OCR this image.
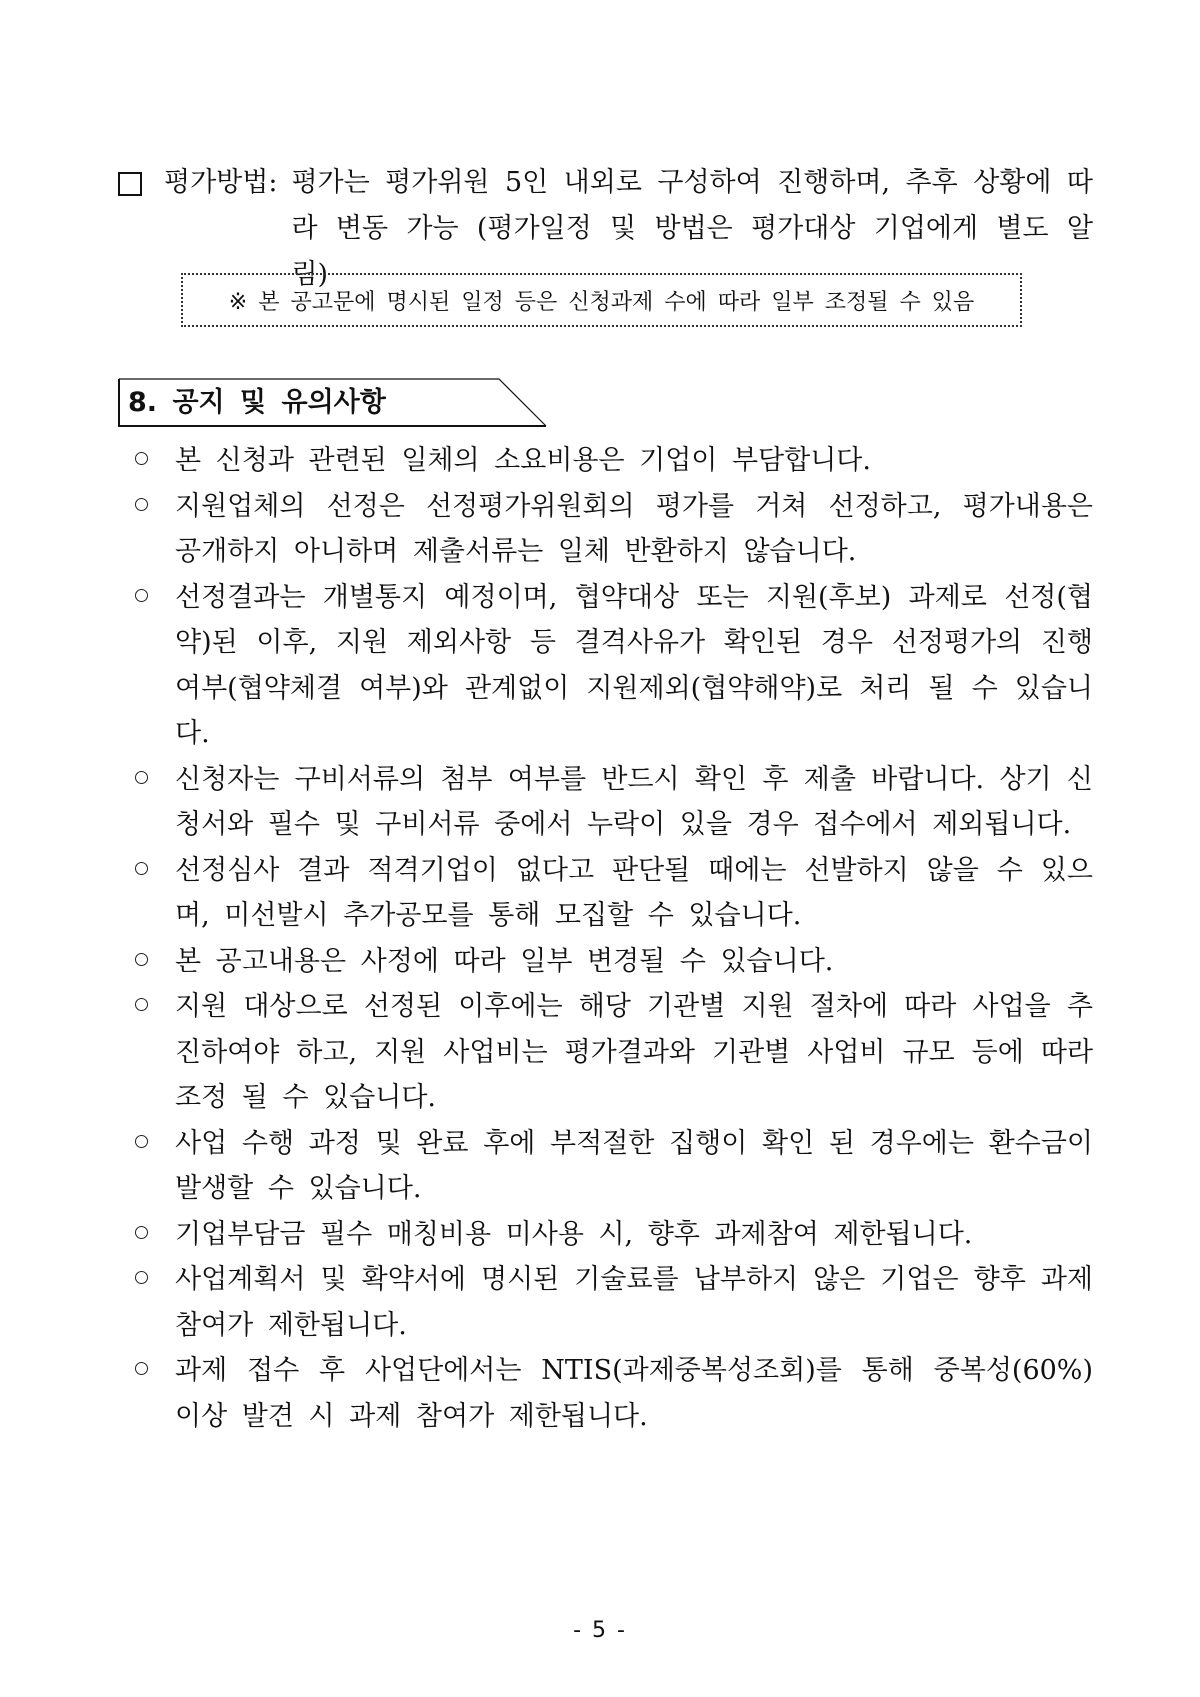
평가방법: 평가는 평가위원 5인 내외로 구성하여 진행하며, 추후 상황에 따라 변동 가능 (평가일정 및 방법은 평가대상 기업에게 별도 알림)
※ 본 공고문에 명시된 일정 등은 신청과제 수에 따라 일부 조정될 수 있음
8. 공지 및 유의사항
본 신청과 관련된 일체의 소요비용은 기업이 부담합니다.
지원업체의 선정은 선정평가위원회의 평가를 거쳐 선정하고, 평가내용은 공개하지 아니하며 제출서류는 일체 반환하지 않습니다.
선정결과는 개별통지 예정이며, 협약대상 또는 지원(후보) 과제로 선정(협약)된 이후, 지원 제외사항 등 결격사유가 확인된 경우 선정평가의 진행 여부(협약체결 여부)와 관계없이 지원제외(협약해약)로 처리 될 수 있습니다.
신청자는 구비서류의 첨부 여부를 반드시 확인 후 제출 바랍니다. 상기 신청서와 필수 및 구비서류 중에서 누락이 있을 경우 접수에서 제외됩니다.
선정심사 결과 적격기업이 없다고 판단될 때에는 선발하지 않을 수 있으며, 미선발시 추가공모를 통해 모집할 수 있습니다.
본 공고내용은 사정에 따라 일부 변경될 수 있습니다.
지원 대상으로 선정된 이후에는 해당 기관별 지원 절차에 따라 사업을 추진하여야 하고, 지원 사업비는 평가결과와 기관별 사업비 규모 등에 따라 조정 될 수 있습니다.
사업 수행 과정 및 완료 후에 부적절한 집행이 확인 된 경우에는 환수금이 발생할 수 있습니다.
기업부담금 필수 매칭비용 미사용 시, 향후 과제참여 제한됩니다.
사업계획서 및 확약서에 명시된 기술료를 납부하지 않은 기업은 향후 과제 참여가 제한됩니다.
과제 접수 후 사업단에서는 NTIS(과제중복성조회)를 통해 중복성(60%) 이상 발견 시 과제 참여가 제한됩니다.
- 5 -
